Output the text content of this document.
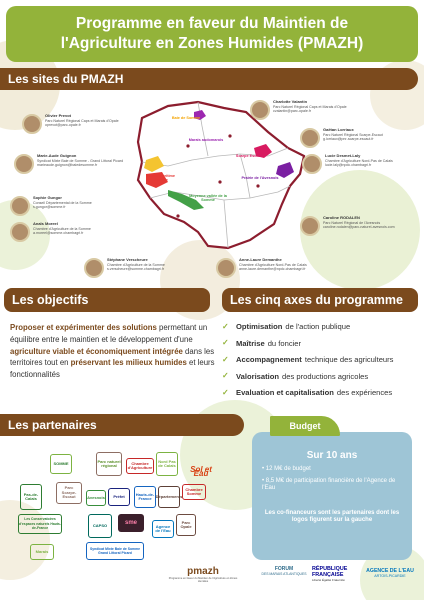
Programme en faveur du Maintien de
l'Agriculture en Zones Humides (PMAZH)
Les sites du PMAZH
Baie de Somme
Marais audomarois
Scarpe Escaut
Plaine maritime Picarde
Moyenne vallée de la Somme
Prairie de l'Avesnois
Olivier Prevot
Parc Naturel Régional Caps et Marais d'Opale
oprevot@parc-opale.fr
Marie-Aude Guignon
Syndicat Mixte Baie de Somme - Grand Littoral Picard
marieaude.guignon@baiedesomme.fr
Sophie Gungor
Conseil Départemental de la Somme
s.gungor@somme.fr
Anaïs Moreel
Chambre d'Agriculture de la Somme
a.moreel@somme.chambagri.fr
Stéphane Verscheure
Chambre d'Agriculture de la Somme
s.verscheure@somme.chambagri.fr
Charlotte Valantin
Parc Naturel Régional Caps et Marais d'Opale
cvalantin@parc-opale.fr
Gaëtan Lorriaux
Parc Naturel Régional Scarpe-Escaut
g.lorriaux@pnr-scarpe-escaut.fr
Lucie Desmet-Laly
Chambre d'Agriculture Nord-Pas de Calais
lucie.laly@npdc.chambagri.fr
Caroline RODALEN
Parc Naturel Régional de l'Avesnois
caroline.rodalen@parc-naturel-avesnois.com
Anne-Laure Demanthe
Chambre d'Agriculture Nord-Pas de Calais
anne-laure.demanthe@npdc.chambagri.fr
Les objectifs
Proposer et expérimenter des solutions permettant un équilibre entre le maintien et le développement d'une agriculture viable et économiquement intégrée dans les territoires tout en préservant les milieux humides et leurs fonctionnalités
Les cinq axes du programme
✓ Optimisation de l'action publique
✓ Maîtrise du foncier
✓ Accompagnement technique des agriculteurs
✓ Valorisation des productions agricoles
✓ Evaluation et capitalisation des expériences
Les partenaires
SOMME	Parc naturel régional	Chambre d'Agriculture
Nord Pas de Calais
Pas-de-Calais
Parc Scarpe-Escaut	Avesnois Préfet	Hauts-de-France	Départements
Chambre Somme
Sol et Eau
Les Conservatoires d'espaces naturels Hauts-de-France
CAPSO	sme
Syndicat Mixte Baie de Somme Grand Littoral Picard
Agence de l'Eau
Parc Opale
Marais
Budget
Sur 10 ans
• 12 M€ de budget
• 8,5 M€ de participation financière de l'Agence de l'Eau
Les co-financeurs sont les partenaires dont les logos figurent sur la gauche
pmazh
Programme en faveur du Maintien de l'Agriculture en Zones Humides
FORUM
DES MARAIS ATLANTIQUES
RÉPUBLIQUE
FRANÇAISE
Liberté Égalité Fraternité
AGENCE DE L'EAU
ARTOIS-PICARDIE
